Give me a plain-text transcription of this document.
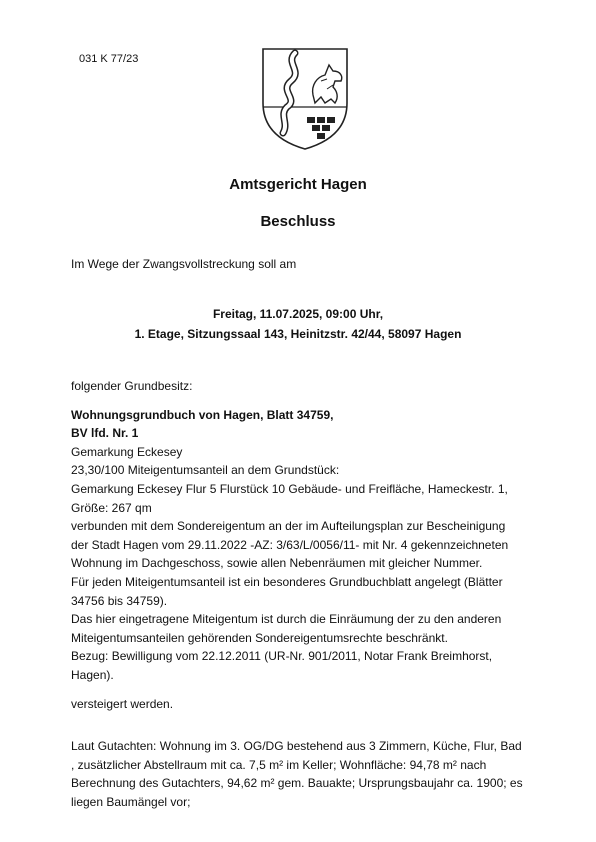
031 K 77/23
Amtsgericht Hagen
Beschluss
Im Wege der Zwangsvollstreckung soll am
Freitag, 11.07.2025, 09:00 Uhr,
1. Etage, Sitzungssaal 143, Heinitzstr. 42/44, 58097 Hagen

folgender Grundbesitz:

Wohnungsgrundbuch von Hagen, Blatt 34759,

BV lfd. Nr. 1

Gemarkung Eckesey

23,30/100 Miteigentumsanteil an dem Grundstück:

Gemarkung Eckesey Flur 5 Flurstück 10 Gebäude- und Freifläche, Hameckestr. 1,

Größe: 267 qm

verbunden mit dem Sondereigentum an der im Aufteilungsplan zur Bescheinigung

der Stadt Hagen vom 29.11.2022 -AZ: 3/63/L/0056/11- mit Nr. 4 gekennzeichneten

Wohnung im Dachgeschoss, sowie allen Nebenräumen mit gleicher Nummer.

Für jeden Miteigentumsanteil ist ein besonderes Grundbuchblatt angelegt (Blätter

34756 bis 34759).

Das hier eingetragene Miteigentum ist durch die Einräumung der zu den anderen

Miteigentumsanteilen gehörenden Sondereigentumsrechte beschränkt.

Bezug: Bewilligung vom 22.12.2011 (UR-Nr. 901/2011, Notar Frank Breimhorst,

Hagen).

versteigert werden.

Laut Gutachten: Wohnung im 3. OG/DG bestehend aus 3 Zimmern, Küche, Flur, Bad

, zusätzlicher Abstellraum mit ca. 7,5 m² im Keller; Wohnfläche: 94,78 m² nach

Berechnung des Gutachters, 94,62 m² gem. Bauakte; Ursprungsbaujahr ca. 1900; es

liegen Baumängel vor;
